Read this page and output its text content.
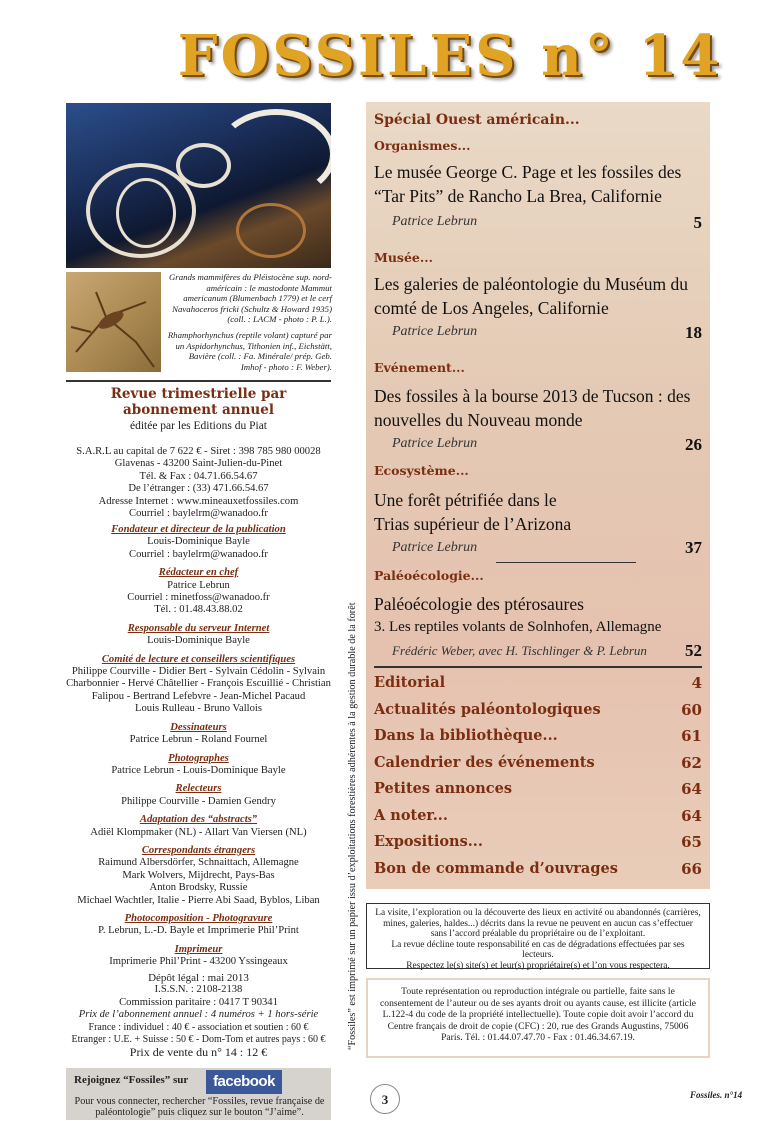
FOSSILES n° 14
Grands mammifères du Pléistocène sup. nord-américain : le mastodonte Mammut americanum (Blumenbach 1779) et le cerf Navahoceros fricki (Schultz & Howard 1935) (coll. : LACM - photo : P. L.).
Rhamphorhynchus (reptile volant) capturé par un Aspidorhynchus, Tithonien inf., Eichstätt, Bavière (coll. : Fa. Minérale/ prép. Geb. Imhof - photo : F. Weber).
Revue trimestrielle par abonnement annuel
éditée par les Editions du Piat
S.A.R.L au capital de 7 622 € - Siret : 398 785 980 00028
Glavenas - 43200 Saint-Julien-du-Pinet
Tél. & Fax : 04.71.66.54.67
De l’étranger : (33) 471.66.54.67
Adresse Internet : www.mineauxetfossiles.com
Courriel : baylelrm@wanadoo.fr
Fondateur et directeur de la publication
Louis-Dominique Bayle
Courriel : baylelrm@wanadoo.fr
Rédacteur en chef
Patrice Lebrun
Courriel : minetfoss@wanadoo.fr
Tél. : 01.48.43.88.02
Responsable du serveur Internet
Louis-Dominique Bayle
Comité de lecture et conseillers scientifiques
Philippe Courville - Didier Bert - Sylvain Cédolin - Sylvain
Charbonnier - Hervé Châtellier - François Escuillié - Christian
Falipou - Bertrand Lefebvre - Jean-Michel Pacaud
Louis Rulleau - Bruno Vallois
Dessinateurs
Patrice Lebrun - Roland Fournel
Photographes
Patrice Lebrun - Louis-Dominique Bayle
Relecteurs
Philippe Courville - Damien Gendry
Adaptation des “abstracts”
Adiël Klompmaker (NL) - Allart Van Viersen (NL)
Correspondants étrangers
Raimund Albersdörfer, Schnaittach, Allemagne
Mark Wolvers, Mijdrecht, Pays-Bas
Anton Brodsky, Russie
Michael Wachtler, Italie - Pierre Abi Saad, Byblos, Liban
Photocomposition - Photogravure
P. Lebrun, L.-D. Bayle et Imprimerie Phil’Print
Imprimeur
Imprimerie Phil’Print - 43200 Yssingeaux
Dépôt légal : mai 2013
I.S.S.N. : 2108-2138
Commission paritaire : 0417 T 90341
Prix de l’abonnement annuel : 4 numéros + 1 hors-série
France : individuel : 40 € - association et soutien : 60 €
Etranger : U.E. + Suisse : 50 € - Dom-Tom et autres pays : 60 €
Prix de vente du n° 14 : 12 €
Rejoignez “Fossiles” sur	facebook
Pour vous connecter, rechercher “Fossiles, revue française de paléontologie” puis cliquez sur le bouton “J’aime”.
“Fossiles” est imprimé sur un papier issu d’exploitations forestières adhérentes à la gestion durable de la forêt
Spécial Ouest américain...
Organismes...
Le musée George C. Page et les fossiles des “Tar Pits” de Rancho La Brea, Californie
Patrice Lebrun	5
Musée...
Les galeries de paléontologie du Muséum du comté de Los Angeles, Californie
Patrice Lebrun	18
Evénement...
Des fossiles à la bourse 2013 de Tucson : des nouvelles du Nouveau monde
Patrice Lebrun	26
Ecosystème...
Une forêt pétrifiée dans le Trias supérieur de l’Arizona
Patrice Lebrun	37
Paléoécologie...
Paléoécologie des ptérosaures
3. Les reptiles volants de Solnhofen, Allemagne
Frédéric Weber, avec H. Tischlinger & P. Lebrun 52
Editorial	4
Actualités paléontologiques	60
Dans la bibliothèque...	61
Calendrier des événements	62
Petites annonces	64
A noter...	64
Expositions...	65
Bon de commande d’ouvrages	66

La visite, l’exploration ou la découverte des lieux en activité ou abandonnés (carrières, mines, galeries, haldes...) décrits dans la revue ne peuvent en aucun cas s’effectuer sans l’accord préalable du propriétaire ou de l’exploitant.

La revue décline toute responsabilité en cas de dégradations effectuées par ses lecteurs.

Respectez le(s) site(s) et leur(s) propriétaire(s) et l’on vous respectera.

Toute représentation ou reproduction intégrale ou partielle, faite sans le consentement de l’auteur ou de ses ayants droit ou ayants cause, est illicite (article L.122-4 du code de la propriété intellectuelle). Toute copie doit avoir l’accord du Centre français de droit de copie (CFC) : 20, rue des Grands Augustins, 75006 Paris. Tél. : 01.44.07.47.70 - Fax : 01.46.34.67.19.
3	Fossiles. n°14
